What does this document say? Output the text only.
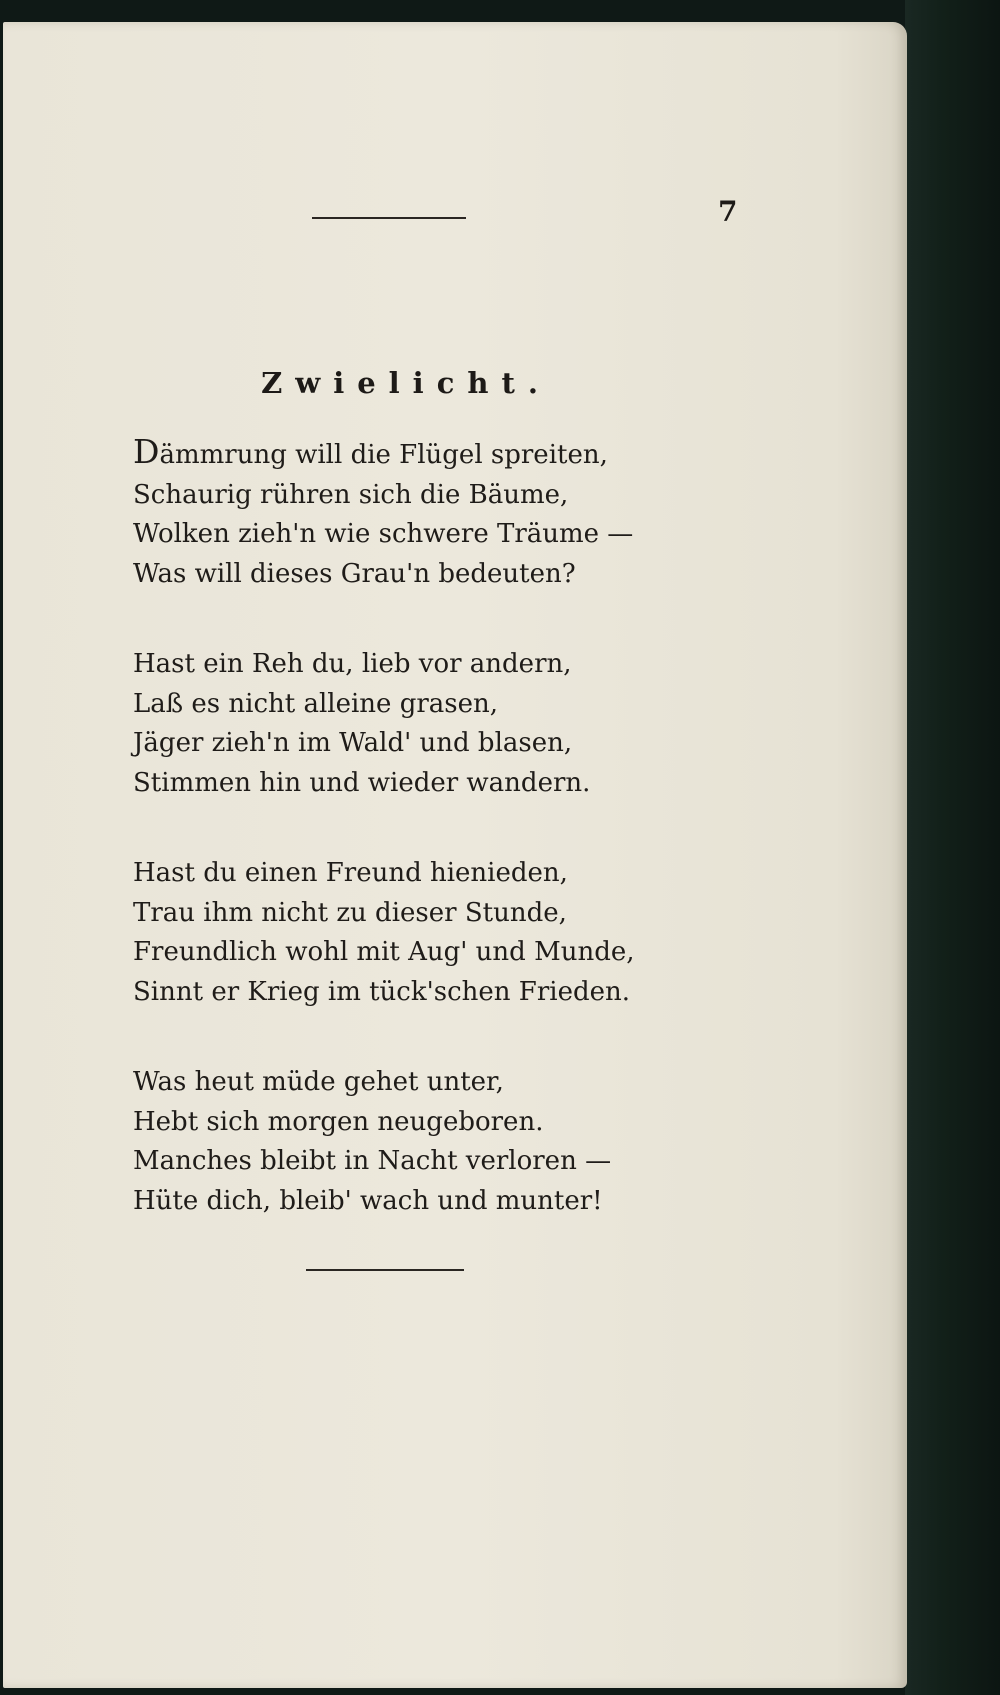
7
Zwielicht.
Dämmrung will die Flügel spreiten,
Schaurig rühren sich die Bäume,
Wolken zieh'n wie schwere Träume —
Was will dieses Grau'n bedeuten?
Hast ein Reh du, lieb vor andern,
Laß es nicht alleine grasen,
Jäger zieh'n im Wald' und blasen,
Stimmen hin und wieder wandern.
Hast du einen Freund hienieden,
Trau ihm nicht zu dieser Stunde,
Freundlich wohl mit Aug' und Munde,
Sinnt er Krieg im tück'schen Frieden.
Was heut müde gehet unter,
Hebt sich morgen neugeboren.
Manches bleibt in Nacht verloren —
Hüte dich, bleib' wach und munter!
